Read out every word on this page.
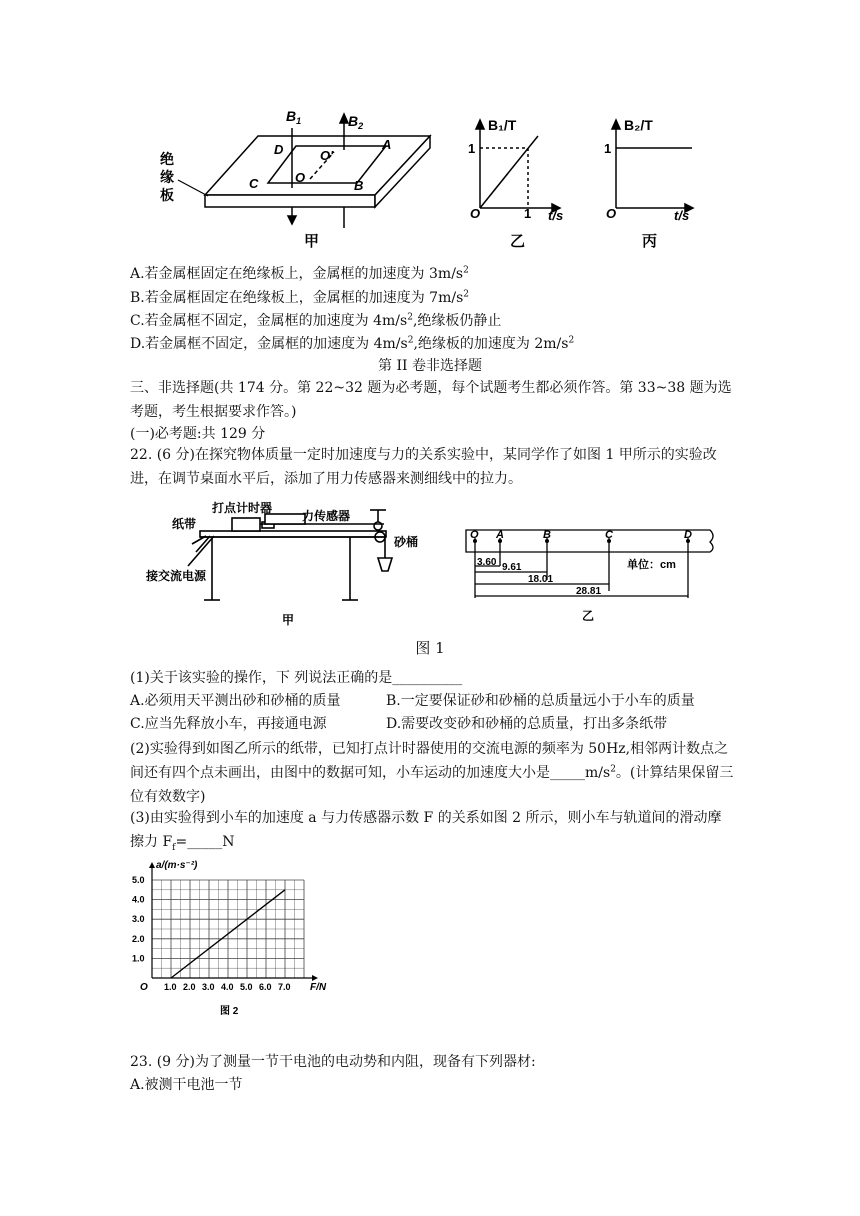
$B_1$	$B_2$
D	O′
A
C	O
B
绝
缘
板
甲
B₁/T
1
O	1 t/s
乙
B₂/T
1
O	t/s
丙
A.若金属框固定在绝缘板上，金属框的加速度为 $3m/s^2$
B.若金属框固定在绝缘板上，金属框的加速度为 $7m/s^2$
C.若金属框不固定，金属框的加速度为 $4m/s^2$,绝缘板仍静止
D.若金属框不固定，金属框的加速度为 $4m/s^2$,绝缘板的加速度为 $2m/s^2$
第 II 卷非选择题
三、非选择题(共 174 分。第 22~32 题为必考题，每个试题考生都必须作答。第 33~38 题为选考题，考生根据要求作答。)
(一)必考题:共 129 分
22. (6 分)在探究物体质量一定时加速度与力的关系实验中，某同学作了如图 1 甲所示的实验改进，在调节桌面水平后，添加了用力传感器来测细线中的拉力。
打点计时器
力传感器
纸带
砂桶
接交流电源
甲
O A	B	C	D
3.60 9.61
18.01
28.81
单位：cm
乙
图 1
(1)关于该实验的操作，下 列说法正确的是__________
A.必须用天平测出砂和砂桶的质量	B.一定要保证砂和砂桶的总质量远小于小车的质量
C.应当先释放小车，再接通电源	D.需要改变砂和砂桶的总质量，打出多条纸带
(2)实验得到如图乙所示的纸带，已知打点计时器使用的交流电源的频率为 50Hz,相邻两计数点之间还有四个点未画出，由图中的数据可知，小车运动的加速度大小是$\_\_\_\_\_m/s^2$。(计算结果保留三位有效数字)
(3)由实验得到小车的加速度 a 与力传感器示数 F 的关系如图 2 所示，则小车与轨道间的滑动摩擦力 $F_f=\_\_\_\_\_N$
1.0 2.0 3.0 4.0 5.0 6.0 7.0
1.0
2.0
3.0
4.0
5.0
a/(m·s⁻²)
O	F/N
图 2
23. (9 分)为了测量一节干电池的电动势和内阻，现备有下列器材:
A.被测干电池一节
